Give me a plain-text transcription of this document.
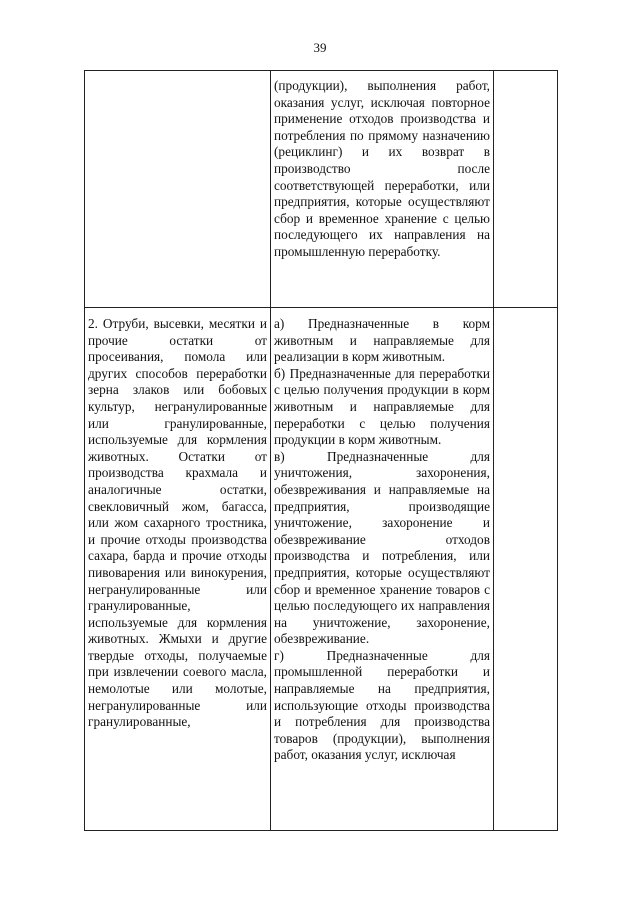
39

(продукции), выполнения работ, оказания услуг, исключая повторное применение отходов производства и потребления по прямому назначению (рециклинг) и их возврат в производство после соответствующей переработки, или предприятия, которые осуществляют сбор и временное хранение с целью последующего их направления на промышленную переработку.

2. Отруби, высевки, месятки и прочие остатки от просеивания, помола или других способов переработки зерна злаков или бобовых культур, негранулированные или гранулированные, используемые для кормления животных. Остатки от производства крахмала и аналогичные остатки, свекловичный жом, багасса, или жом сахарного тростника, и прочие отходы производства сахара, барда и прочие отходы пивоварения или винокурения, негранулированные или гранулированные, используемые для кормления животных. Жмыхи и другие твердые отходы, получаемые при извлечении соевого масла, немолотые или молотые, негранулированные или гранулированные,

а) Предназначенные в корм животным и направляемые для реализации в корм животным.

б) Предназначенные для переработки с целью получения продукции в корм животным и направляемые для переработки с целью получения продукции в корм животным.

в) Предназначенные для уничтожения, захоронения, обезвреживания и направляемые на предприятия, производящие уничтожение, захоронение и обезвреживание отходов производства и потребления, или предприятия, которые осуществляют сбор и временное хранение товаров с целью последующего их направления на уничтожение, захоронение, обезвреживание.

г) Предназначенные для промышленной переработки и направляемые на предприятия, использующие отходы производства и потребления для производства товаров (продукции), выполнения работ, оказания услуг, исключая
